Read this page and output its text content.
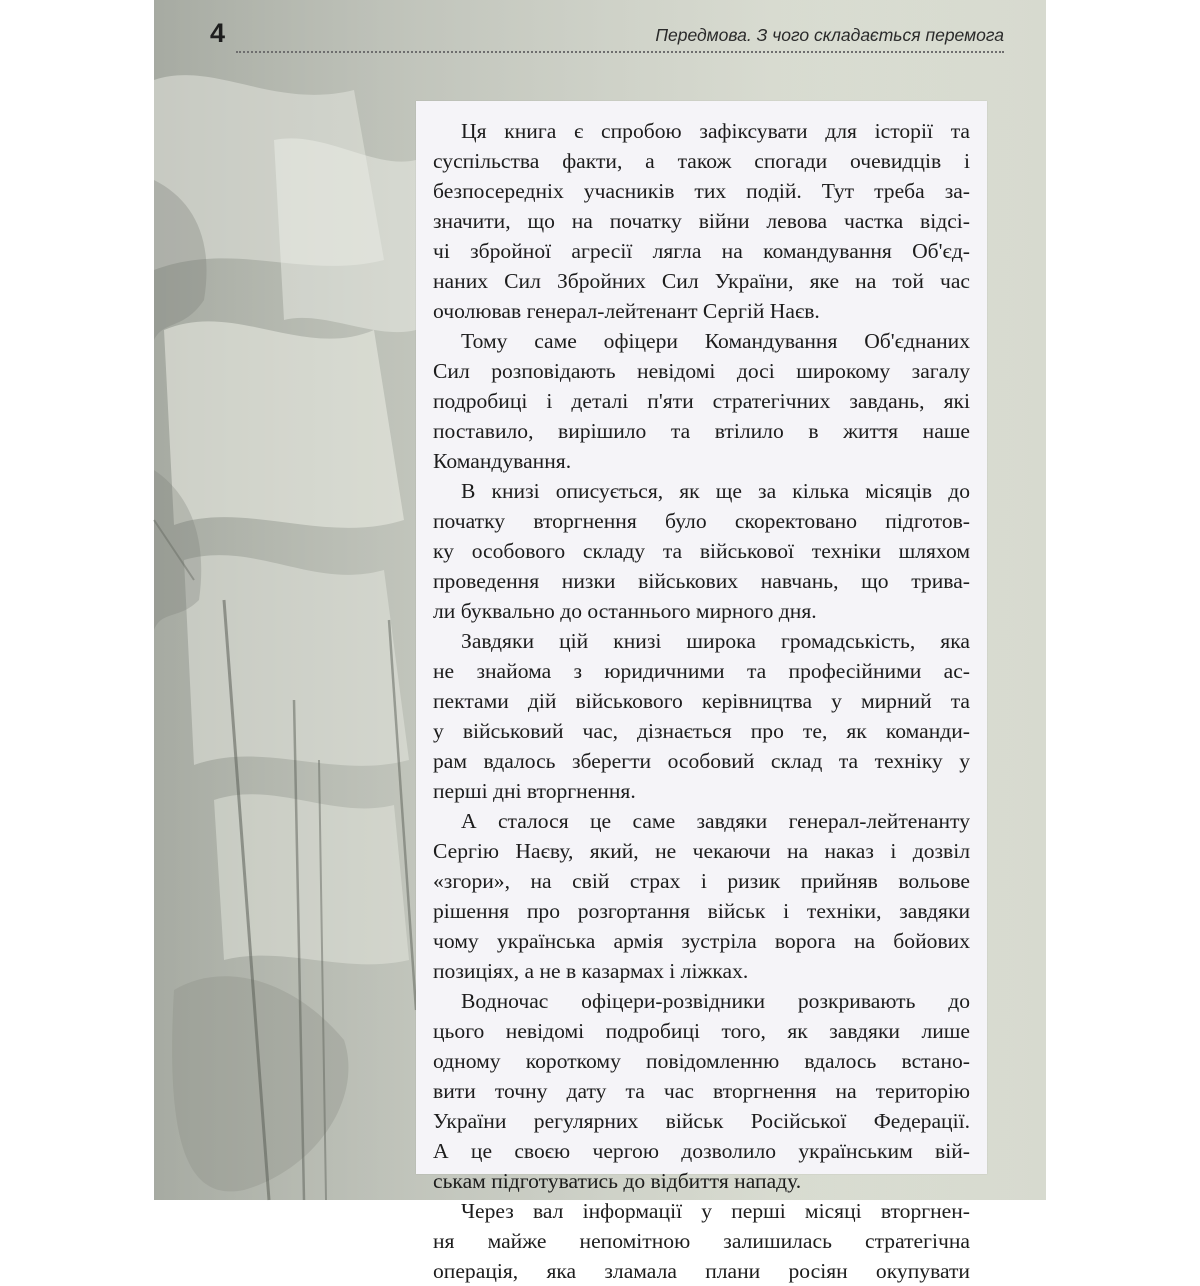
4	Передмова. З чого складається перемога
Ця книга є спробою зафіксувати для історії та
суспільства факти, а також спогади очевидців і
безпосередніх учасників тих подій. Тут треба за-
значити, що на початку війни левова частка відсі-
чі збройної агресії лягла на командування Об'єд-
наних Сил Збройних Сил України, яке на той час
очолював генерал-лейтенант Сергій Наєв.
Тому саме офіцери Командування Об'єднаних
Сил розповідають невідомі досі широкому загалу
подробиці і деталі п'яти стратегічних завдань, які
поставило, вирішило та втілило в життя наше
Командування.
В книзі описується, як ще за кілька місяців до
початку вторгнення було скоректовано підготов-
ку особового складу та військової техніки шляхом
проведення низки військових навчань, що трива-
ли буквально до останнього мирного дня.
Завдяки цій книзі широка громадськість, яка
не знайома з юридичними та професійними ас-
пектами дій військового керівництва у мирний та
у військовий час, дізнається про те, як команди-
рам вдалось зберегти особовий склад та техніку у
перші дні вторгнення.
А сталося це саме завдяки генерал-лейтенанту
Сергію Наєву, який, не чекаючи на наказ і дозвіл
«згори», на свій страх і ризик прийняв вольове
рішення про розгортання військ і техніки, завдяки
чому українська армія зустріла ворога на бойових
позиціях, а не в казармах і ліжках.
Водночас офіцери-розвідники розкривають до
цього невідомі подробиці того, як завдяки лише
одному короткому повідомленню вдалось встано-
вити точну дату та час вторгнення на територію
України регулярних військ Російської Федерації.
А це своєю чергою дозволило українським вій-
ськам підготуватись до відбиття нападу.
Через вал інформації у перші місяці вторгнен-
ня майже непомітною залишилась стратегічна
операція, яка зламала плани росіян окупувати
